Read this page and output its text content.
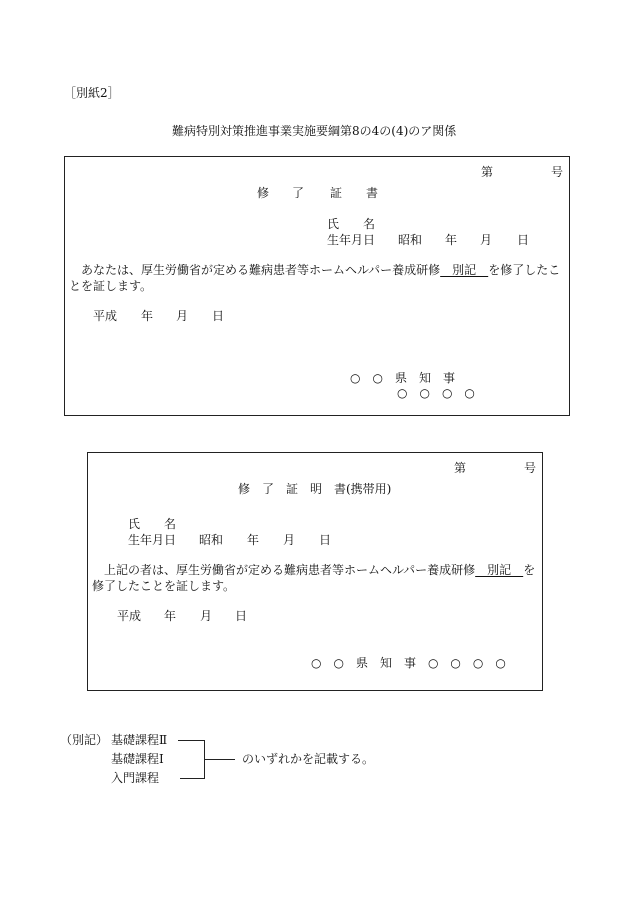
［別紙2］
難病特別対策推進事業実施要綱第8の4の(4)のア関係
第	号
修 了 証 書
氏　　名
生年月日 昭和 年 月 日
あなたは、厚生労働省が定める難病患者等ホームヘルパー養成研修　別記　を修了したこ
とを証します。
平成 年 月 日
○　○　県　知　事
○　○　○　○
第	号
修　了　証　明　書(携帯用)
氏　　名
生年月日 昭和 年 月 日
上記の者は、厚生労働省が定める難病患者等ホームヘルパー養成研修　別記　を
修了したことを証します。
平成 年 月 日
○　○　県　知　事　○　○　○　○
（別記） 基礎課程Ⅱ
基礎課程Ⅰ
入門課程
のいずれかを記載する。
